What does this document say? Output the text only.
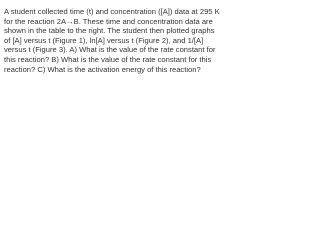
A student collected time (t) and concentration ([A]) data at 295 K
for the reaction 2A→B. These time and concentration data are
shown in the table to the right. The student then plotted graphs
of [A] versus t (Figure 1), ln[A] versus t (Figure 2), and 1/[A]
versus t (Figure 3). A) What is the value of the rate constant for
this reaction? B) What is the value of the rate constant for this
reaction? C) What is the activation energy of this reaction?
